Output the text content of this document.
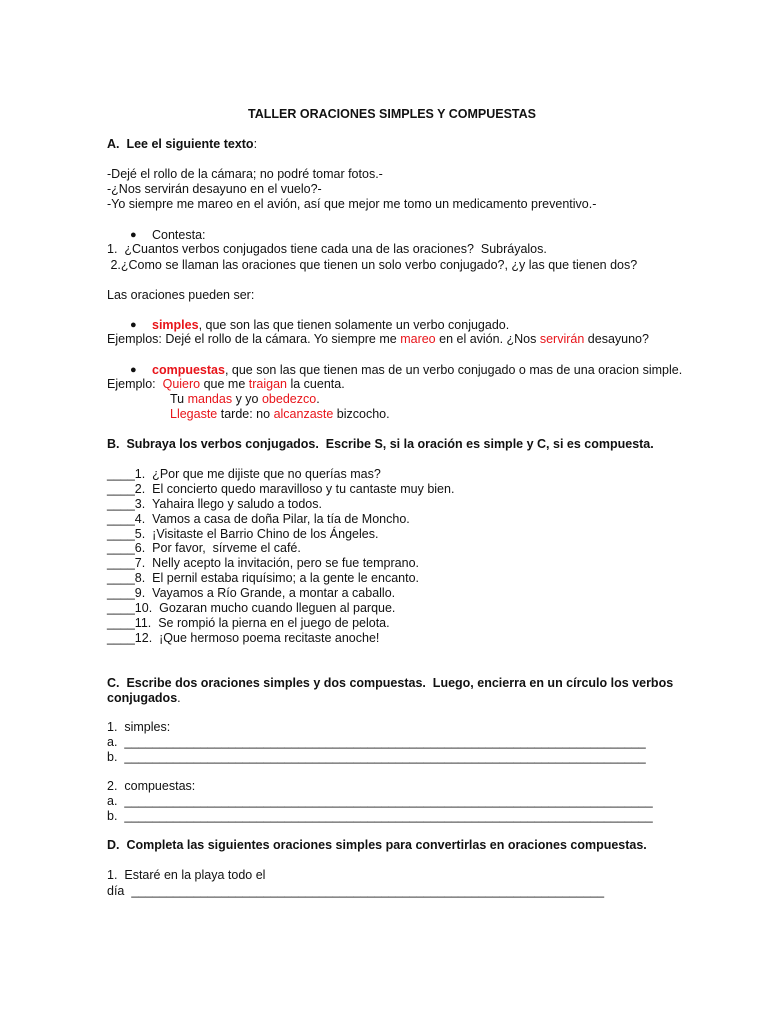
TALLER ORACIONES SIMPLES Y COMPUESTAS
A.  Lee el siguiente texto:
-Dejé el rollo de la cámara; no podré tomar fotos.-
-¿Nos servirán desayuno en el vuelo?-
-Yo siempre me mareo en el avión, así que mejor me tomo un medicamento preventivo.-
● Contesta:
1.  ¿Cuantos verbos conjugados tiene cada una de las oraciones?  Subráyalos.
2.¿Como se llaman las oraciones que tienen un solo verbo conjugado?, ¿y las que tienen dos?
Las oraciones pueden ser:
● simples, que son las que tienen solamente un verbo conjugado.
Ejemplos: Dejé el rollo de la cámara. Yo siempre me mareo en el avión. ¿Nos servirán desayuno?
● compuestas, que son las que tienen mas de un verbo conjugado o mas de una oracion simple.
Ejemplo:  Quiero que me traigan la cuenta.
Tu mandas y yo obedezco.
Llegaste tarde: no alcanzaste bizcocho.
B.  Subraya los verbos conjugados.  Escribe S, si la oración es simple y C, si es compuesta.
____1.  ¿Por que me dijiste que no querías mas?
____2.  El concierto quedo maravilloso y tu cantaste muy bien.
____3.  Yahaira llego y saludo a todos.
____4.  Vamos a casa de doña Pilar, la tía de Moncho.
____5.  ¡Visitaste el Barrio Chino de los Ángeles.
____6.  Por favor,  sírveme el café.
____7.  Nelly acepto la invitación, pero se fue temprano.
____8.  El pernil estaba riquísimo; a la gente le encanto.
____9.  Vayamos a Río Grande, a montar a caballo.
____10.  Gozaran mucho cuando lleguen al parque.
____11.  Se rompió la pierna en el juego de pelota.
____12.  ¡Que hermoso poema recitaste anoche!
C.  Escribe dos oraciones simples y dos compuestas.  Luego, encierra en un círculo los verbos
conjugados.
1.  simples:
a.  ___________________________________________________________________________
b.  ___________________________________________________________________________
2.  compuestas:
a.  ____________________________________________________________________________
b.  ____________________________________________________________________________
D.  Completa las siguientes oraciones simples para convertirlas en oraciones compuestas.
1.  Estaré en la playa todo el
día  ____________________________________________________________________
